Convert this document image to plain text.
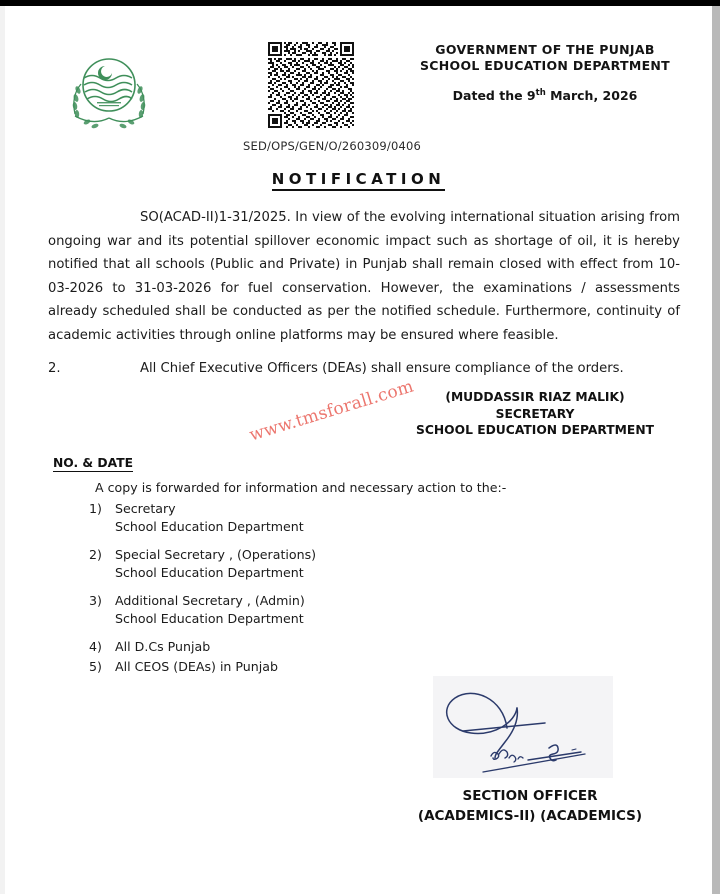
GOVERNMENT OF THE PUNJAB
SCHOOL EDUCATION DEPARTMENT
Dated the 9th March, 2026
SED/OPS/GEN/O/260309/0406
NOTIFICATION
SO(ACAD-II)1-31/2025. In view of the evolving international situation arising from ongoing war and its potential spillover economic impact such as shortage of oil, it is hereby notified that all schools (Public and Private) in Punjab shall remain closed with effect from 10-03-2026 to 31-03-2026 for fuel conservation. However, the examinations / assessments already scheduled shall be conducted as per the notified schedule. Furthermore, continuity of academic activities through online platforms may be ensured where feasible.
2.	All Chief Executive Officers (DEAs) shall ensure compliance of the orders.
(MUDDASSIR RIAZ MALIK)
SECRETARY
SCHOOL EDUCATION DEPARTMENT
www.tmsforall.com
NO. & DATE
A copy is forwarded for information and necessary action to the:-
1)	Secretary
School Education Department
2)	Special Secretary , (Operations)
School Education Department
3)	Additional Secretary , (Admin)
School Education Department
4)	All D.Cs Punjab
5)	All CEOS (DEAs) in Punjab
SECTION OFFICER
(ACADEMICS-II) (ACADEMICS)
